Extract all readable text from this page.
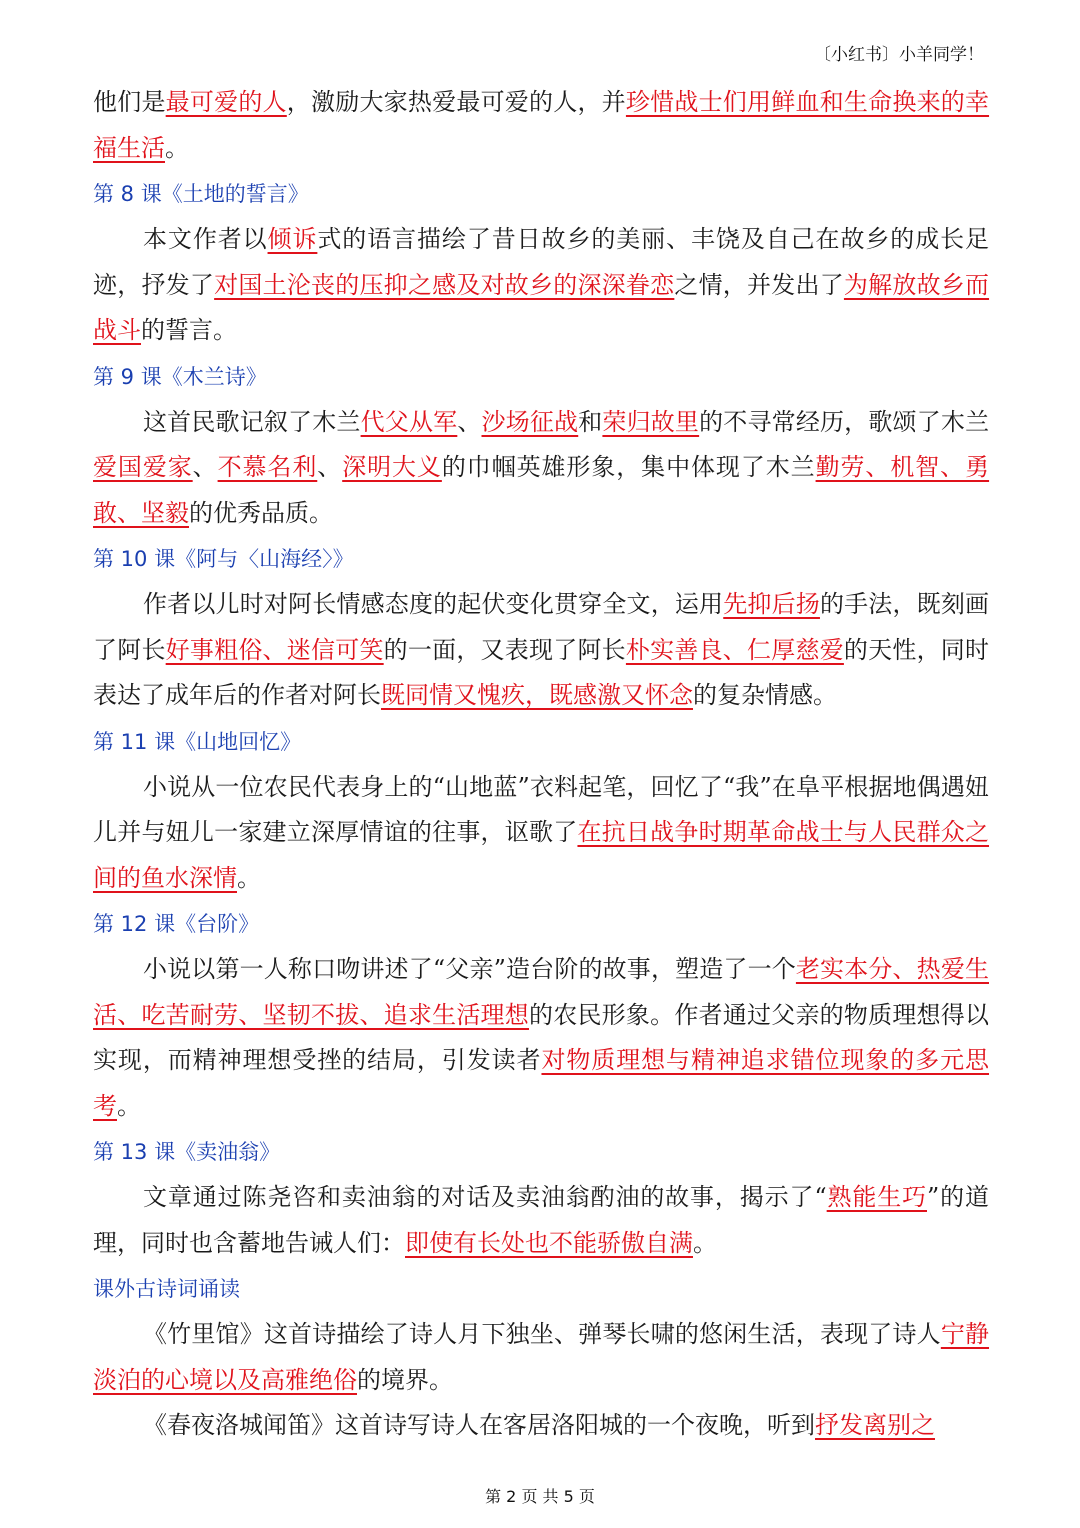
〔小红书〕小羊同学！

他们是最可爱的人，激励大家热爱最可爱的人，并珍惜战士们用鲜血和生命换来的幸福生活。

第 8 课《土地的誓言》

本文作者以倾诉式的语言描绘了昔日故乡的美丽、丰饶及自己在故乡的成长足迹，抒发了对国土沦丧的压抑之感及对故乡的深深眷恋之情，并发出了为解放故乡而战斗的誓言。

第 9 课《木兰诗》

这首民歌记叙了木兰代父从军、沙场征战和荣归故里的不寻常经历，歌颂了木兰爱国爱家、不慕名利、深明大义的巾帼英雄形象，集中体现了木兰勤劳、机智、勇敢、坚毅的优秀品质。

第 10 课《阿与〈山海经〉》

作者以儿时对阿长情感态度的起伏变化贯穿全文，运用先抑后扬的手法，既刻画了阿长好事粗俗、迷信可笑的一面，又表现了阿长朴实善良、仁厚慈爱的天性，同时表达了成年后的作者对阿长既同情又愧疚，既感激又怀念的复杂情感。

第 11 课《山地回忆》

小说从一位农民代表身上的“山地蓝”衣料起笔，回忆了“我”在阜平根据地偶遇妞儿并与妞儿一家建立深厚情谊的往事，讴歌了在抗日战争时期革命战士与人民群众之间的鱼水深情。

第 12 课《台阶》

小说以第一人称口吻讲述了“父亲”造台阶的故事，塑造了一个老实本分、热爱生活、吃苦耐劳、坚韧不拔、追求生活理想的农民形象。作者通过父亲的物质理想得以实现，而精神理想受挫的结局，引发读者对物质理想与精神追求错位现象的多元思考。

第 13 课《卖油翁》

文章通过陈尧咨和卖油翁的对话及卖油翁酌油的故事，揭示了“熟能生巧”的道理，同时也含蓄地告诫人们：即使有长处也不能骄傲自满。

课外古诗词诵读

《竹里馆》这首诗描绘了诗人月下独坐、弹琴长啸的悠闲生活，表现了诗人宁静淡泊的心境以及高雅绝俗的境界。

《春夜洛城闻笛》这首诗写诗人在客居洛阳城的一个夜晚，听到抒发离别之

第 2 页 共 5 页
